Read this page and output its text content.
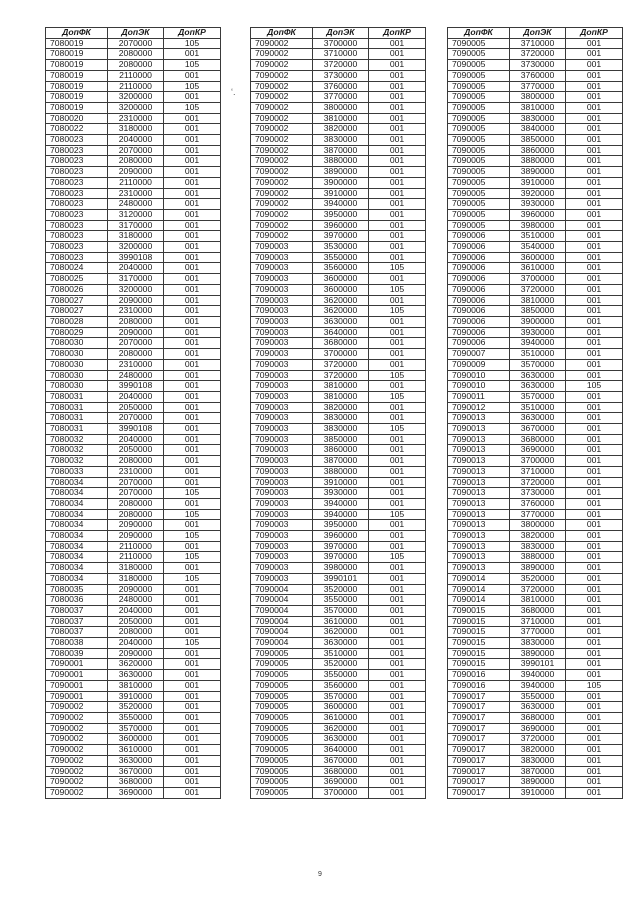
ДопФК	ДопЭК	ДопКР
7080019	2070000	105
7080019	2080000	001
7080019	2080000	105
7080019	2110000	001
7080019	2110000	105
7080019	3200000	001
7080019	3200000	105
7080020	2310000	001
7080022	3180000	001
7080023	2040000	001
7080023	2070000	001
7080023	2080000	001
7080023	2090000	001
7080023	2110000	001
7080023	2310000	001
7080023	2480000	001
7080023	3120000	001
7080023	3170000	001
7080023	3180000	001
7080023	3200000	001
7080023	3990108	001
7080024	2040000	001
7080025	3170000	001
7080026	3200000	001
7080027	2090000	001
7080027	2310000	001
7080028	2080000	001
7080029	2090000	001
7080030	2070000	001
7080030	2080000	001
7080030	2310000	001
7080030	2480000	001
7080030	3990108	001
7080031	2040000	001
7080031	2050000	001
7080031	2070000	001
7080031	3990108	001
7080032	2040000	001
7080032	2050000	001
7080032	2080000	001
7080033	2310000	001
7080034	2070000	001
7080034	2070000	105
7080034	2080000	001
7080034	2080000	105
7080034	2090000	001
7080034	2090000	105
7080034	2110000	001
7080034	2110000	105
7080034	3180000	001
7080034	3180000	105
7080035	2090000	001
7080036	2480000	001
7080037	2040000	001
7080037	2050000	001
7080037	2080000	001
7080038	2040000	105
7080039	2090000	001
7090001	3620000	001
7090001	3630000	001
7090001	3810000	001
7090001	3910000	001
7090002	3520000	001
7090002	3550000	001
7090002	3570000	001
7090002	3600000	001
7090002	3610000	001
7090002	3630000	001
7090002	3670000	001
7090002	3680000	001
7090002	3690000	001
ДопФК	ДопЭК	ДопКР
7090002	3700000	001
7090002	3710000	001
7090002	3720000	001
7090002	3730000	001
7090002	3760000	001
7090002	3770000	001
7090002	3800000	001
7090002	3810000	001
7090002	3820000	001
7090002	3830000	001
7090002	3870000	001
7090002	3880000	001
7090002	3890000	001
7090002	3900000	001
7090002	3910000	001
7090002	3940000	001
7090002	3950000	001
7090002	3960000	001
7090002	3970000	001
7090003	3530000	001
7090003	3550000	001
7090003	3560000	105
7090003	3600000	001
7090003	3600000	105
7090003	3620000	001
7090003	3620000	105
7090003	3630000	001
7090003	3640000	001
7090003	3680000	001
7090003	3700000	001
7090003	3720000	001
7090003	3720000	105
7090003	3810000	001
7090003	3810000	105
7090003	3820000	001
7090003	3830000	001
7090003	3830000	105
7090003	3850000	001
7090003	3860000	001
7090003	3870000	001
7090003	3880000	001
7090003	3910000	001
7090003	3930000	001
7090003	3940000	001
7090003	3940000	105
7090003	3950000	001
7090003	3960000	001
7090003	3970000	001
7090003	3970000	105
7090003	3980000	001
7090003	3990101	001
7090004	3520000	001
7090004	3550000	001
7090004	3570000	001
7090004	3610000	001
7090004	3620000	001
7090004	3630000	001
7090005	3510000	001
7090005	3520000	001
7090005	3550000	001
7090005	3560000	001
7090005	3570000	001
7090005	3600000	001
7090005	3610000	001
7090005	3620000	001
7090005	3630000	001
7090005	3640000	001
7090005	3670000	001
7090005	3680000	001
7090005	3690000	001
7090005	3700000	001
ДопФК	ДопЭК	ДопКР
7090005	3710000	001
7090005	3720000	001
7090005	3730000	001
7090005	3760000	001
7090005	3770000	001
7090005	3800000	001
7090005	3810000	001
7090005	3830000	001
7090005	3840000	001
7090005	3850000	001
7090005	3860000	001
7090005	3880000	001
7090005	3890000	001
7090005	3910000	001
7090005	3920000	001
7090005	3930000	001
7090005	3960000	001
7090005	3980000	001
7090006	3510000	001
7090006	3540000	001
7090006	3600000	001
7090006	3610000	001
7090006	3700000	001
7090006	3720000	001
7090006	3810000	001
7090006	3850000	001
7090006	3900000	001
7090006	3930000	001
7090006	3940000	001
7090007	3510000	001
7090009	3570000	001
7090010	3630000	001
7090010	3630000	105
7090011	3570000	001
7090012	3510000	001
7090013	3630000	001
7090013	3670000	001
7090013	3680000	001
7090013	3690000	001
7090013	3700000	001
7090013	3710000	001
7090013	3720000	001
7090013	3730000	001
7090013	3760000	001
7090013	3770000	001
7090013	3800000	001
7090013	3820000	001
7090013	3830000	001
7090013	3880000	001
7090013	3890000	001
7090014	3520000	001
7090014	3720000	001
7090014	3810000	001
7090015	3680000	001
7090015	3710000	001
7090015	3770000	001
7090015	3830000	001
7090015	3890000	001
7090015	3990101	001
7090016	3940000	001
7090016	3940000	105
7090017	3550000	001
7090017	3630000	001
7090017	3680000	001
7090017	3690000	001
7090017	3720000	001
7090017	3820000	001
7090017	3830000	001
7090017	3870000	001
7090017	3890000	001
7090017	3910000	001
ʻ.
9
